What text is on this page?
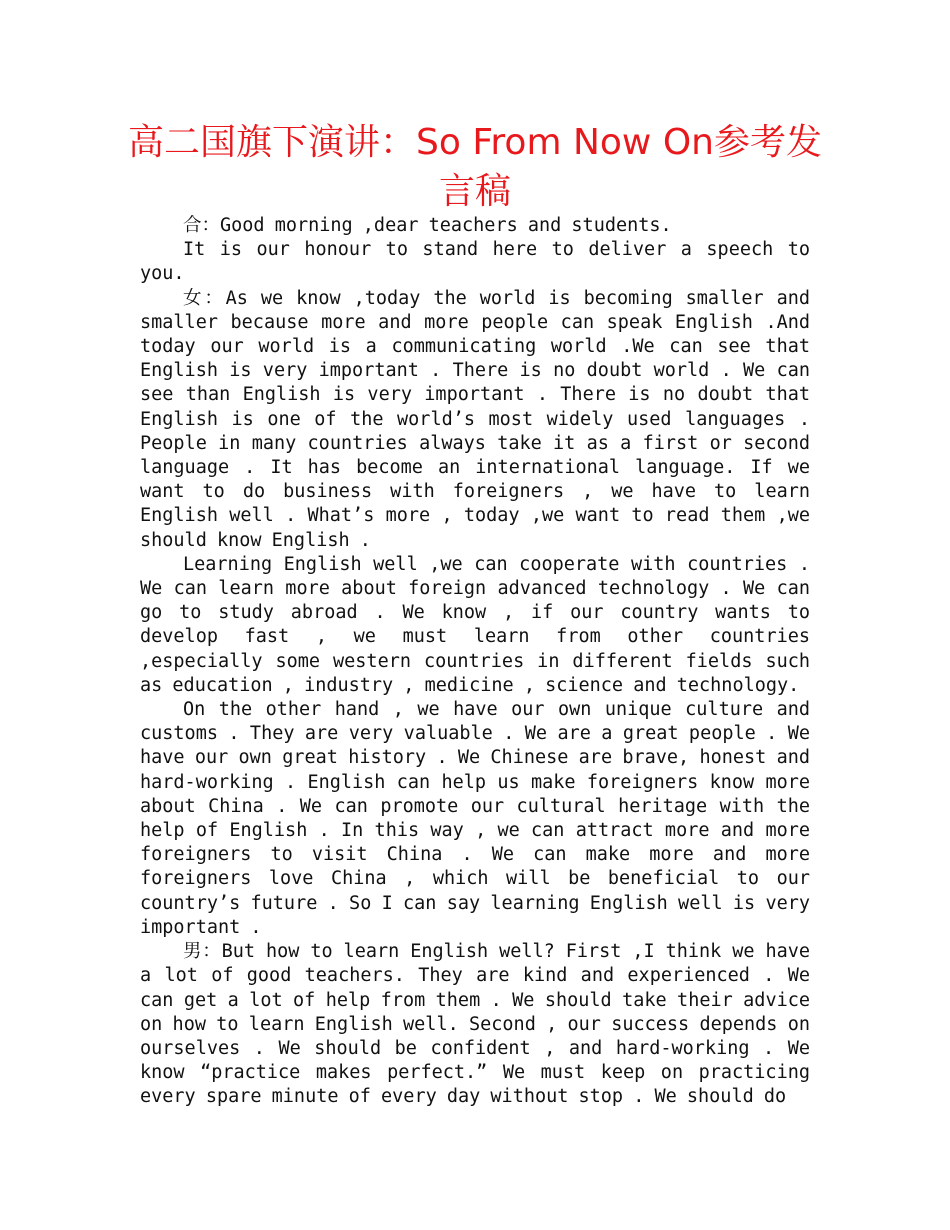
高二国旗下演讲：So From Now On参考发言稿

合：Good morning ,dear teachers and students.

It is our honour to stand here to deliver a speech to you.

女：As we know ,today the world is becoming smaller and smaller because more and more people can speak English .And today our world is a communicating world .We can see that English is very important . There is no doubt world . We can see than English is very important . There is no doubt that English is one of the world’s most widely used languages . People in many countries always take it as a first or second language . It has become an international language. If we want to do business with foreigners , we have to learn English well . What’s more , today ,we want to read them ,we should know English .

Learning English well ,we can cooperate with countries . We can learn more about foreign advanced technology . We can go to study abroad . We know , if our country wants to develop fast , we must learn from other countries ,especially some western countries in different fields such as education , industry , medicine , science and technology.

On the other hand , we have our own unique culture and customs . They are very valuable . We are a great people . We have our own great history . We Chinese are brave, honest and hard-working . English can help us make foreigners know more about China . We can promote our cultural heritage with the help of English . In this way , we can attract more and more foreigners to visit China . We can make more and more foreigners love China , which will be beneficial to our country’s future . So I can say learning English well is very important .

男：But how to learn English well? First ,I think we have a lot of good teachers. They are kind and experienced . We can get a lot of help from them . We should take their advice on how to learn English well. Second , our success depends on ourselves . We should be confident , and hard-working . We know “practice makes perfect.” We must keep on practicing every spare minute of every day without stop . We should do
